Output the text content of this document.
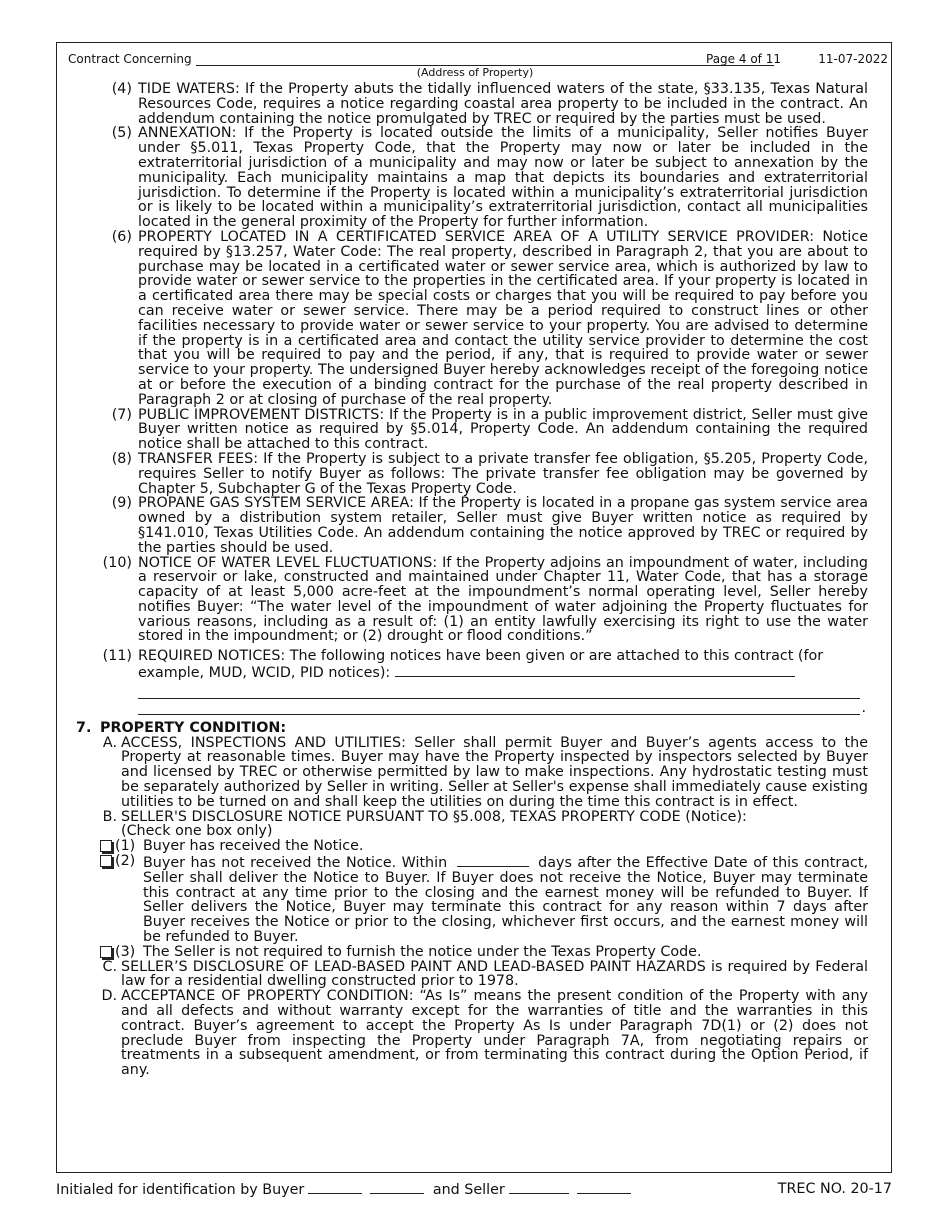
Contract Concerning	Page 4 of 11	11-07-2022
(Address of Property)
(4) TIDE WATERS: If the Property abuts the tidally influenced waters of the state, §33.135, Texas Natural Resources Code, requires a notice regarding coastal area property to be included in the contract. An addendum containing the notice promulgated by TREC or required by the parties must be used.
(5) ANNEXATION: If the Property is located outside the limits of a municipality, Seller notifies Buyer under §5.011, Texas Property Code, that the Property may now or later be included in the extraterritorial jurisdiction of a municipality and may now or later be subject to annexation by the municipality. Each municipality maintains a map that depicts its boundaries and extraterritorial jurisdiction. To determine if the Property is located within a municipality’s extraterritorial jurisdiction or is likely to be located within a municipality’s extraterritorial jurisdiction, contact all municipalities located in the general proximity of the Property for further information.
(6) PROPERTY LOCATED IN A CERTIFICATED SERVICE AREA OF A UTILITY SERVICE PROVIDER: Notice required by §13.257, Water Code: The real property, described in Paragraph 2, that you are about to purchase may be located in a certificated water or sewer service area, which is authorized by law to provide water or sewer service to the properties in the certificated area. If your property is located in a certificated area there may be special costs or charges that you will be required to pay before you can receive water or sewer service. There may be a period required to construct lines or other facilities necessary to provide water or sewer service to your property. You are advised to determine if the property is in a certificated area and contact the utility service provider to determine the cost that you will be required to pay and the period, if any, that is required to provide water or sewer service to your property. The undersigned Buyer hereby acknowledges receipt of the foregoing notice at or before the execution of a binding contract for the purchase of the real property described in Paragraph 2 or at closing of purchase of the real property.
(7) PUBLIC IMPROVEMENT DISTRICTS: If the Property is in a public improvement district, Seller must give Buyer written notice as required by §5.014, Property Code. An addendum containing the required notice shall be attached to this contract.
(8) TRANSFER FEES: If the Property is subject to a private transfer fee obligation, §5.205, Property Code, requires Seller to notify Buyer as follows: The private transfer fee obligation may be governed by Chapter 5, Subchapter G of the Texas Property Code.
(9) PROPANE GAS SYSTEM SERVICE AREA: If the Property is located in a propane gas system service area owned by a distribution system retailer, Seller must give Buyer written notice as required by §141.010, Texas Utilities Code. An addendum containing the notice approved by TREC or required by the parties should be used.
(10) NOTICE OF WATER LEVEL FLUCTUATIONS: If the Property adjoins an impoundment of water, including a reservoir or lake, constructed and maintained under Chapter 11, Water Code, that has a storage capacity of at least 5,000 acre-feet at the impoundment’s normal operating level, Seller hereby notifies Buyer: “The water level of the impoundment of water adjoining the Property fluctuates for various reasons, including as a result of: (1) an entity lawfully exercising its right to use the water stored in the impoundment; or (2) drought or flood conditions.”
(11) REQUIRED NOTICES: The following notices have been given or are attached to this contract (for example, MUD, WCID, PID notices):
.
7. PROPERTY CONDITION:
A. ACCESS, INSPECTIONS AND UTILITIES: Seller shall permit Buyer and Buyer’s agents access to the Property at reasonable times. Buyer may have the Property inspected by inspectors selected by Buyer and licensed by TREC or otherwise permitted by law to make inspections. Any hydrostatic testing must be separately authorized by Seller in writing. Seller at Seller's expense shall immediately cause existing utilities to be turned on and shall keep the utilities on during the time this contract is in effect.
B. SELLER'S DISCLOSURE NOTICE PURSUANT TO §5.008, TEXAS PROPERTY CODE (Notice):
(Check one box only)
(1) Buyer has received the Notice.
(2) Buyer has not received the Notice. Within	days after the Effective Date of this contract, Seller shall deliver the Notice to Buyer. If Buyer does not receive the Notice, Buyer may terminate this contract at any time prior to the closing and the earnest money will be refunded to Buyer. If Seller delivers the Notice, Buyer may terminate this contract for any reason within 7 days after Buyer receives the Notice or prior to the closing, whichever first occurs, and the earnest money will be refunded to Buyer.
(3) The Seller is not required to furnish the notice under the Texas Property Code.
C. SELLER’S DISCLOSURE OF LEAD-BASED PAINT AND LEAD-BASED PAINT HAZARDS is required by Federal law for a residential dwelling constructed prior to 1978.
D. ACCEPTANCE OF PROPERTY CONDITION: “As Is” means the present condition of the Property with any and all defects and without warranty except for the warranties of title and the warranties in this contract. Buyer’s agreement to accept the Property As Is under Paragraph 7D(1) or (2) does not preclude Buyer from inspecting the Property under Paragraph 7A, from negotiating repairs or treatments in a subsequent amendment, or from terminating this contract during the Option Period, if any.
Initialed for identification by Buyer	and Seller	TREC NO. 20-17
